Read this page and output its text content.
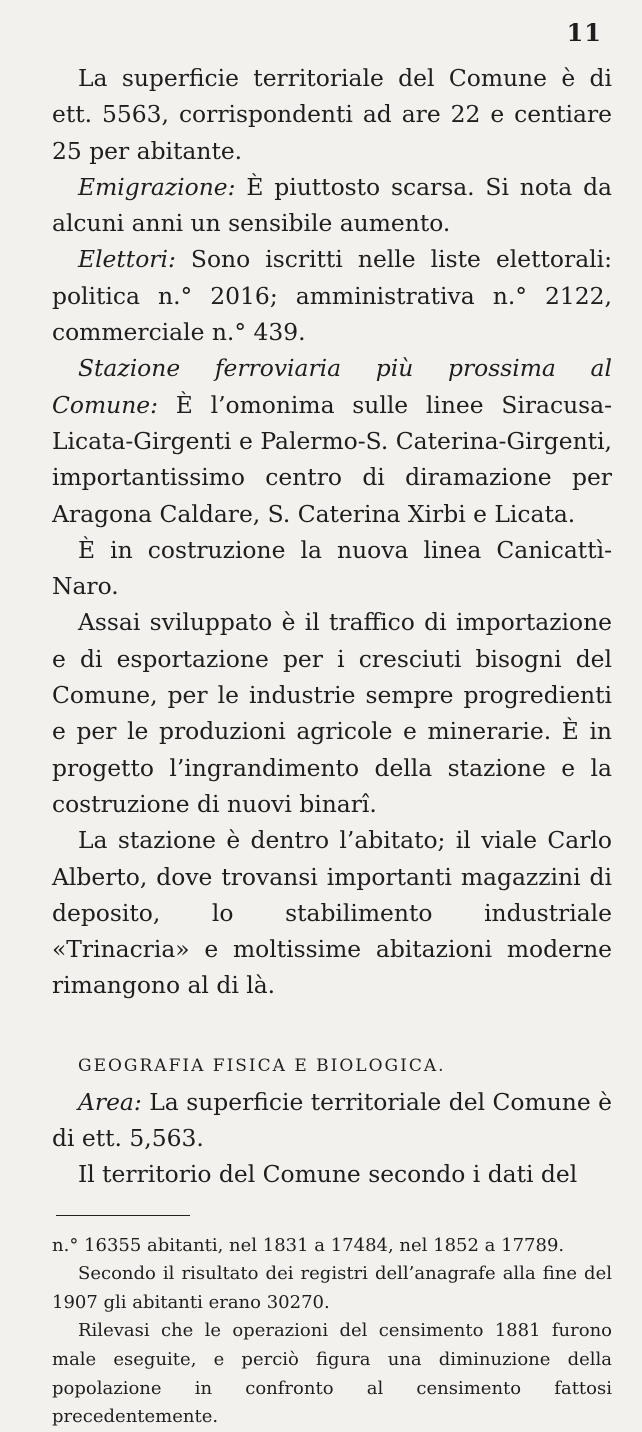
11

La superficie territoriale del Comune è di ett. 5563, corrispondenti ad are 22 e centiare 25 per abitante.

Emigrazione: È piuttosto scarsa. Si nota da alcuni anni un sensibile aumento.

Elettori: Sono iscritti nelle liste elettorali: politica n.° 2016; amministrativa n.° 2122, commerciale n.° 439.

Stazione ferroviaria più prossima al Comune: È l’omonima sulle linee Siracusa-Licata-Girgenti e Palermo-S. Caterina-Girgenti, importantissimo centro di diramazione per Aragona Caldare, S. Caterina Xirbi e Licata.

È in costruzione la nuova linea Canicattì-Naro.

Assai sviluppato è il traffico di importazione e di esportazione per i cresciuti bisogni del Comune, per le industrie sempre progredienti e per le produzioni agricole e minerarie. È in progetto l’ingrandimento della stazione e la costruzione di nuovi binarî.

La stazione è dentro l’abitato; il viale Carlo Alberto, dove trovansi importanti magazzini di deposito, lo stabilimento industriale «Trinacria» e moltissime abitazioni moderne rimangono al di là.

GEOGRAFIA FISICA E BIOLOGICA.

Area: La superficie territoriale del Comune è di ett. 5,563.

Il territorio del Comune secondo i dati del

n.° 16355 abitanti, nel 1831 a 17484, nel 1852 a 17789.

Secondo il risultato dei registri dell’anagrafe alla fine del 1907 gli abitanti erano 30270.

Rilevasi che le operazioni del censimento 1881 furono male eseguite, e perciò figura una diminuzione della popolazione in confronto al censimento fattosi precedentemente.
